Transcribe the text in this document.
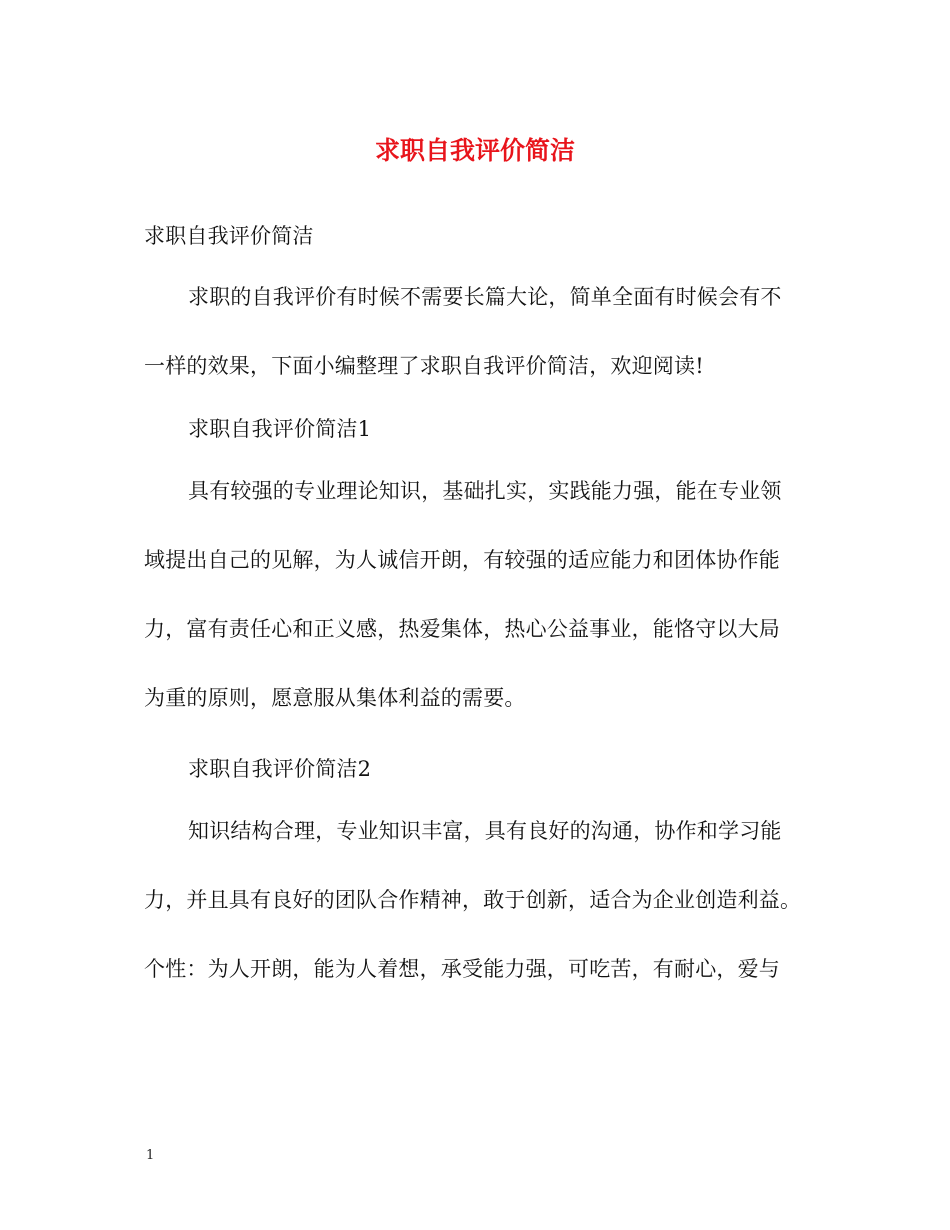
求职自我评价简洁
求职自我评价简洁
求职的自我评价有时候不需要长篇大论，简单全面有时候会有不
一样的效果，下面小编整理了求职自我评价简洁，欢迎阅读!
求职自我评价简洁1
具有较强的专业理论知识，基础扎实，实践能力强，能在专业领
域提出自己的见解，为人诚信开朗，有较强的适应能力和团体协作能
力，富有责任心和正义感，热爱集体，热心公益事业，能恪守以大局
为重的原则，愿意服从集体利益的需要。
求职自我评价简洁2
知识结构合理，专业知识丰富，具有良好的沟通，协作和学习能
力，并且具有良好的团队合作精神，敢于创新，适合为企业创造利益。
个性：为人开朗，能为人着想，承受能力强，可吃苦，有耐心，爱与
1
